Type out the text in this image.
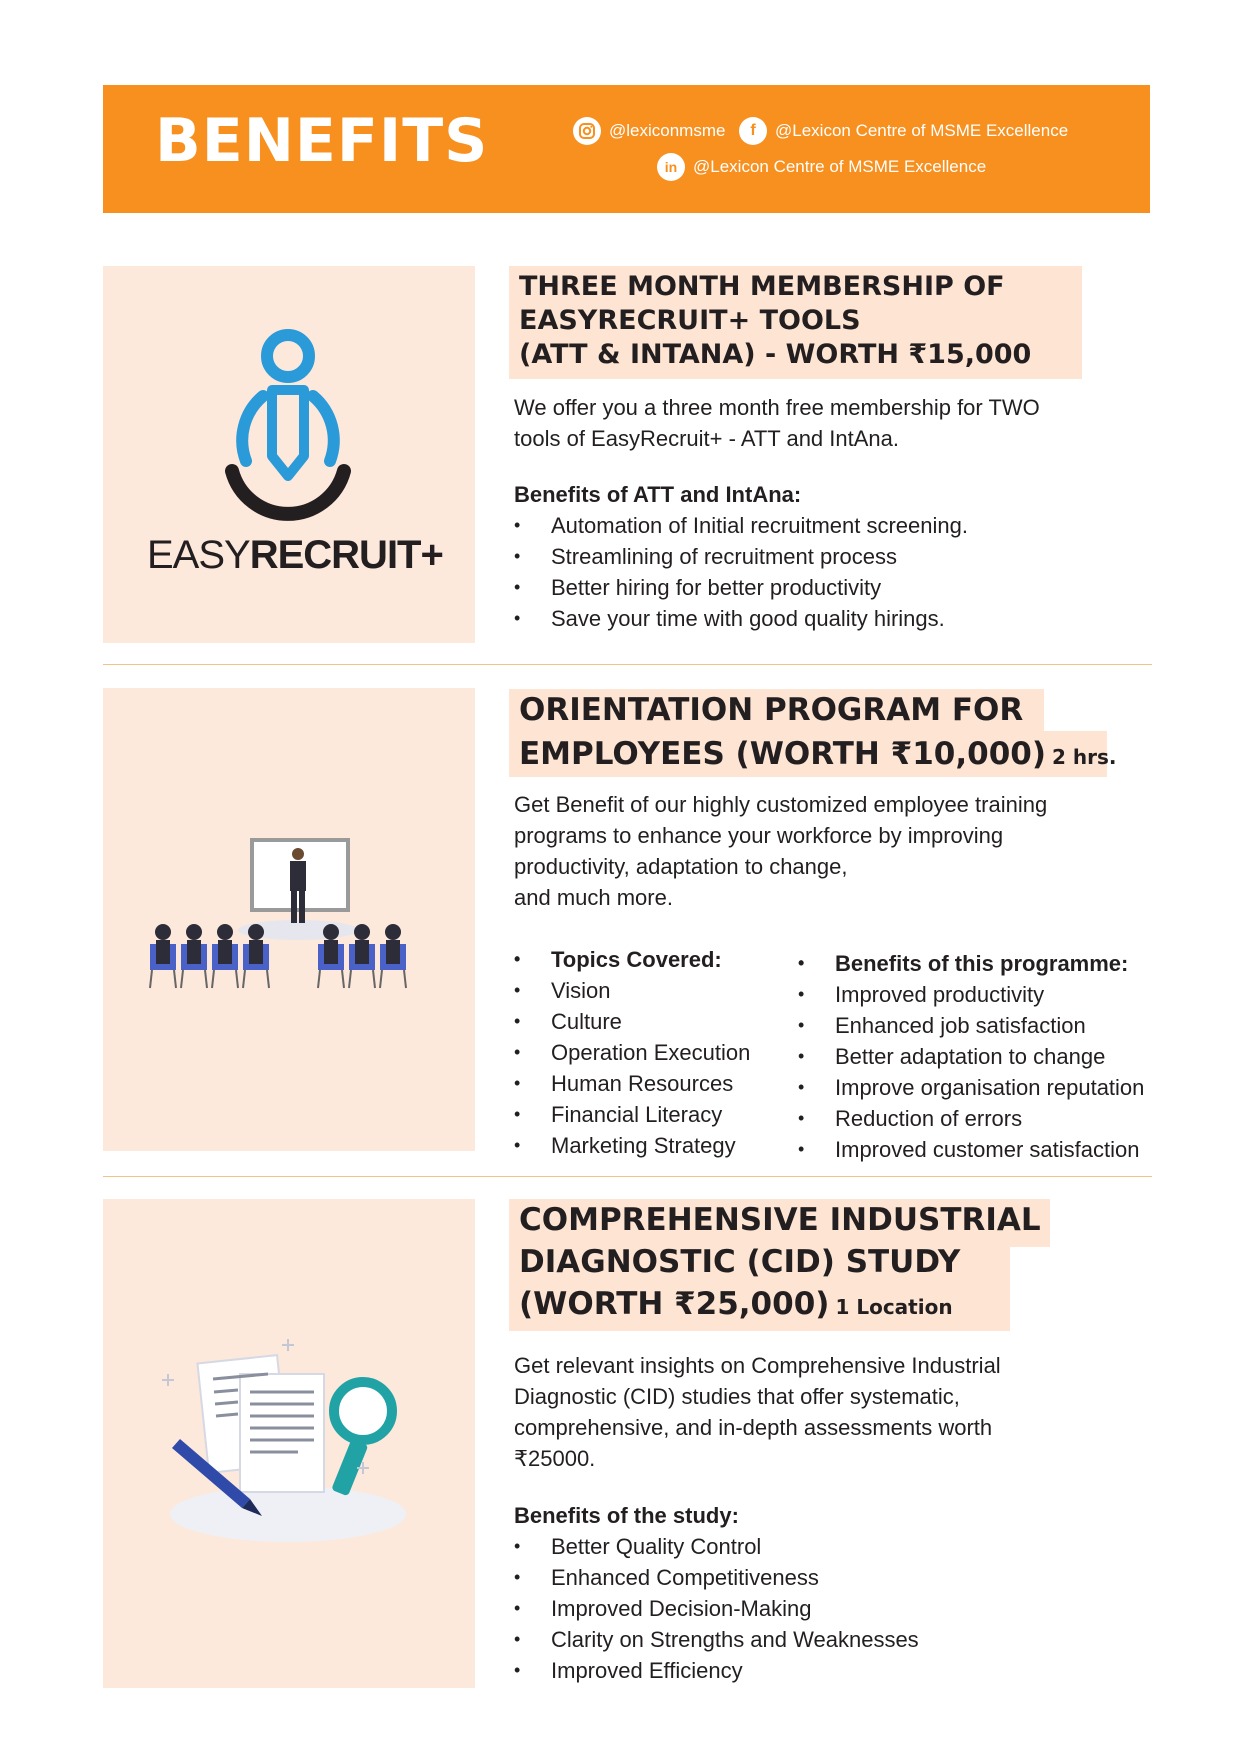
BENEFITS	@lexiconmsme	f	@Lexicon Centre of MSME Excellence
in @Lexicon Centre of MSME Excellence
EASYRECRUIT+
THREE MONTH MEMBERSHIP OF
EASYRECRUIT+ TOOLS
(ATT & INTANA) - WORTH ₹15,000
We offer you a three month free membership for TWO
tools of EasyRecruit+ - ATT and IntAna.
Benefits of ATT and IntAna:
• Automation of Initial recruitment screening.
• Streamlining of recruitment process
• Better hiring for better productivity
• Save your time with good quality hirings.
ORIENTATION PROGRAM FOR
EMPLOYEES (WORTH ₹10,000) 2 hrs.
Get Benefit of our highly customized employee training
programs to enhance your workforce by improving
productivity, adaptation to change,
and much more.
• Topics Covered:
• Vision
• Culture
• Operation Execution
• Human Resources
• Financial Literacy
• Marketing Strategy
• Benefits of this programme:
• Improved productivity
• Enhanced job satisfaction
• Better adaptation to change
• Improve organisation reputation
• Reduction of errors
• Improved customer satisfaction
COMPREHENSIVE INDUSTRIAL
DIAGNOSTIC (CID) STUDY
(WORTH ₹25,000) 1 Location
Get relevant insights on Comprehensive Industrial
Diagnostic (CID) studies that offer systematic,
comprehensive, and in-depth assessments worth
₹25000.
Benefits of the study:
• Better Quality Control
• Enhanced Competitiveness
• Improved Decision-Making
• Clarity on Strengths and Weaknesses
• Improved Efficiency
